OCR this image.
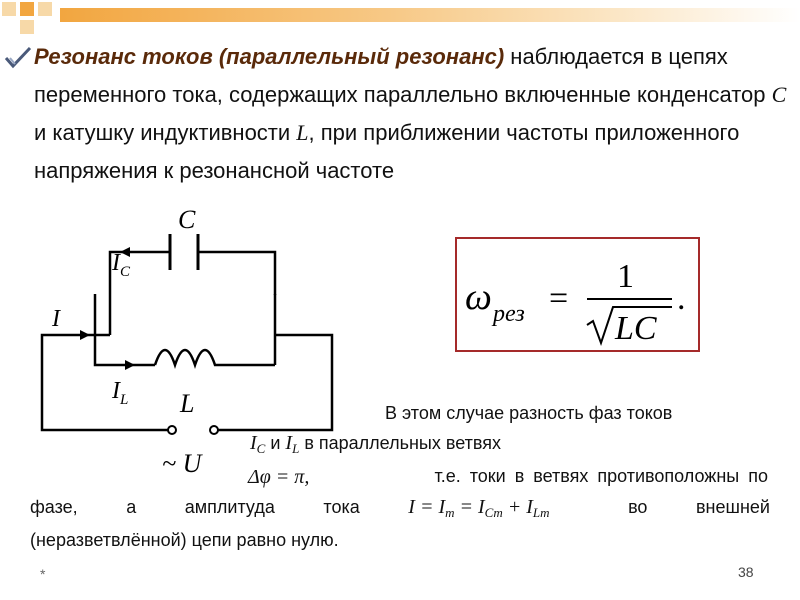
Резонанс токов (параллельный резонанс) наблюдается в цепях переменного тока, содержащих параллельно включенные конденсатор C и катушку индуктивности L, при приближении частоты приложенного напряжения к резонансной частоте
C
$I_C$
I
$I_L$ L
~ U
ω рез =
1
LC
.
В этом случае разность фаз токов
$I_C$ и $I_L$ в параллельных ветвях
Δφ = π,	т.е. токи в ветвях противоположны по
фазе,	а	амплитуда	тока $I = I_m = I_{Cm} + I_{Lm}$	во	внешней
(неразветвлённой) цепи равно нулю.
*	38
